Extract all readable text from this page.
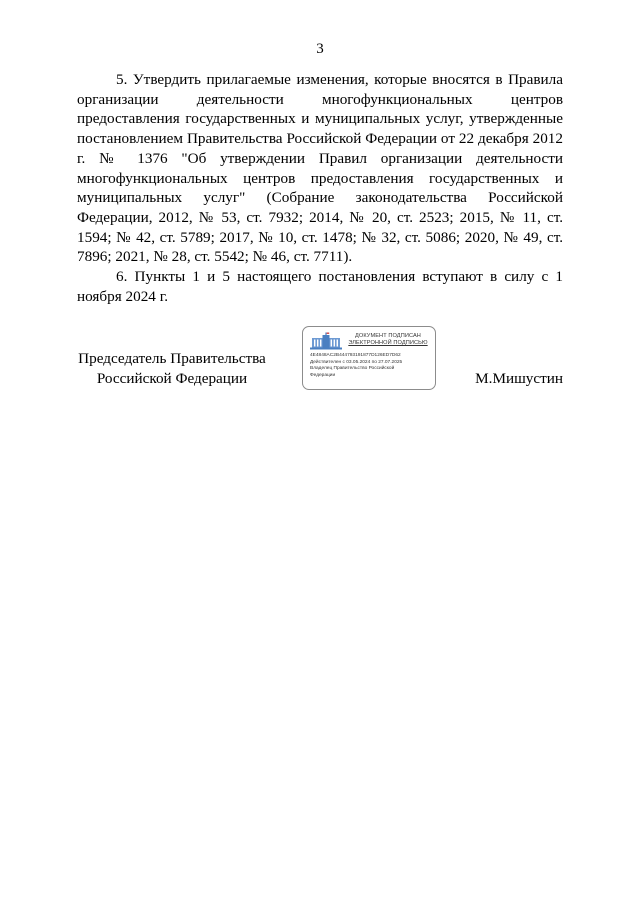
3

5. Утвердить прилагаемые изменения, которые вносятся в Правила организации деятельности многофункциональных центров предоставления государственных и муниципальных услуг, утвержденные постановлением Правительства Российской Федерации от 22 декабря 2012 г. № 1376 "Об утверждении Правил организации деятельности многофункциональных центров предоставления государственных и муниципальных услуг" (Собрание законодательства Российской Федерации, 2012, № 53, ст. 7932; 2014, № 20, ст. 2523; 2015, № 11, ст. 1594; № 42, ст. 5789; 2017, № 10, ст. 1478; № 32, ст. 5086; 2020, № 49, ст. 7896; 2021, № 28, ст. 5542; № 46, ст. 7711).

6. Пункты 1 и 5 настоящего постановления вступают в силу с 1 ноября 2024 г.

Председатель Правительства
Российской Федерации
ДОКУМЕНТ ПОДПИСАН
ЭЛЕКТРОННОЙ ПОДПИСЬЮ
4E4848AC2B444793191877D126ED7D62
Действителен с 03.05.2024 по 27.07.2025
Владелец Правительство Российской
Федерации	М.Мишустин
